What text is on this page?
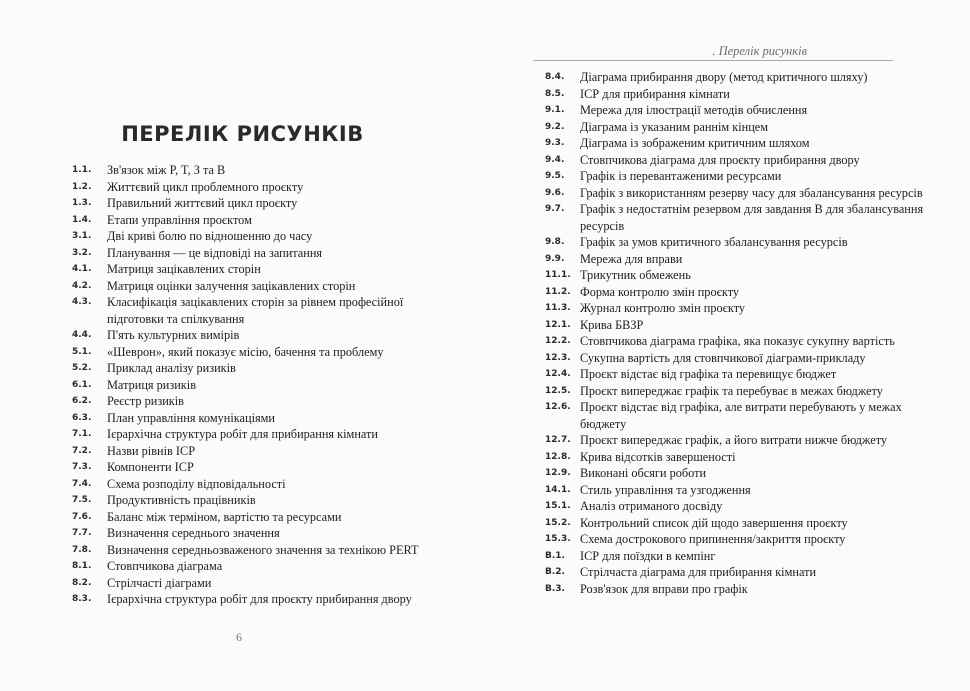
ПЕРЕЛІК РИСУНКІВ
1.1. Зв'язок між P, T, З та B
1.2. Життєвий цикл проблемного проєкту
1.3. Правильний життєвий цикл проєкту
1.4. Етапи управління проєктом
3.1. Дві криві болю по відношенню до часу
3.2. Планування — це відповіді на запитання
4.1. Матриця зацікавлених сторін
4.2. Матриця оцінки залучення зацікавлених сторін
4.3. Класифікація зацікавлених сторін за рівнем професійної підготовки та спілкування
4.4. П'ять культурних вимірів
5.1. «Шеврон», який показує місію, бачення та проблему
5.2. Приклад аналізу ризиків
6.1. Матриця ризиків
6.2. Реєстр ризиків
6.3. План управління комунікаціями
7.1. Ієрархічна структура робіт для прибирання кімнати
7.2. Назви рівнів ІСР
7.3. Компоненти ІСР
7.4. Схема розподілу відповідальності
7.5. Продуктивність працівників
7.6. Баланс між терміном, вартістю та ресурсами
7.7. Визначення середнього значення
7.8. Визначення середньозваженого значення за технікою PERT
8.1. Стовпчикова діаграма
8.2. Стрілчасті діаграми
8.3. Ієрархічна структура робіт для проєкту прибирання двору
6
. Перелік рисунків
8.4. Діаграма прибирання двору (метод критичного шляху)
8.5. ІСР для прибирання кімнати
9.1. Мережа для ілюстрації методів обчислення
9.2. Діаграма із указаним раннім кінцем
9.3. Діаграма із зображеним критичним шляхом
9.4. Стовпчикова діаграма для проєкту прибирання двору
9.5. Графік із перевантаженими ресурсами
9.6. Графік з використанням резерву часу для збалансування ресурсів
9.7. Графік з недостатнім резервом для завдання B для збалансування ресурсів
9.8. Графік за умов критичного збалансування ресурсів
9.9. Мережа для вправи
11.1. Трикутник обмежень
11.2. Форма контролю змін проєкту
11.3. Журнал контролю змін проєкту
12.1. Крива БВЗР
12.2. Стовпчикова діаграма графіка, яка показує сукупну вартість
12.3. Сукупна вартість для стовпчикової діаграми-прикладу
12.4. Проєкт відстає від графіка та перевищує бюджет
12.5. Проєкт випереджає графік та перебуває в межах бюджету
12.6. Проєкт відстає від графіка, але витрати перебувають у межах бюджету
12.7. Проєкт випереджає графік, а його витрати нижче бюджету
12.8. Крива відсотків завершеності
12.9. Виконані обсяги роботи
14.1. Стиль управління та узгодження
15.1. Аналіз отриманого досвіду
15.2. Контрольний список дій щодо завершення проєкту
15.3. Схема дострокового припинення/закриття проєкту
B.1. ІСР для поїздки в кемпінг
B.2. Стрілчаста діаграма для прибирання кімнати
B.3. Розв'язок для вправи про графік
